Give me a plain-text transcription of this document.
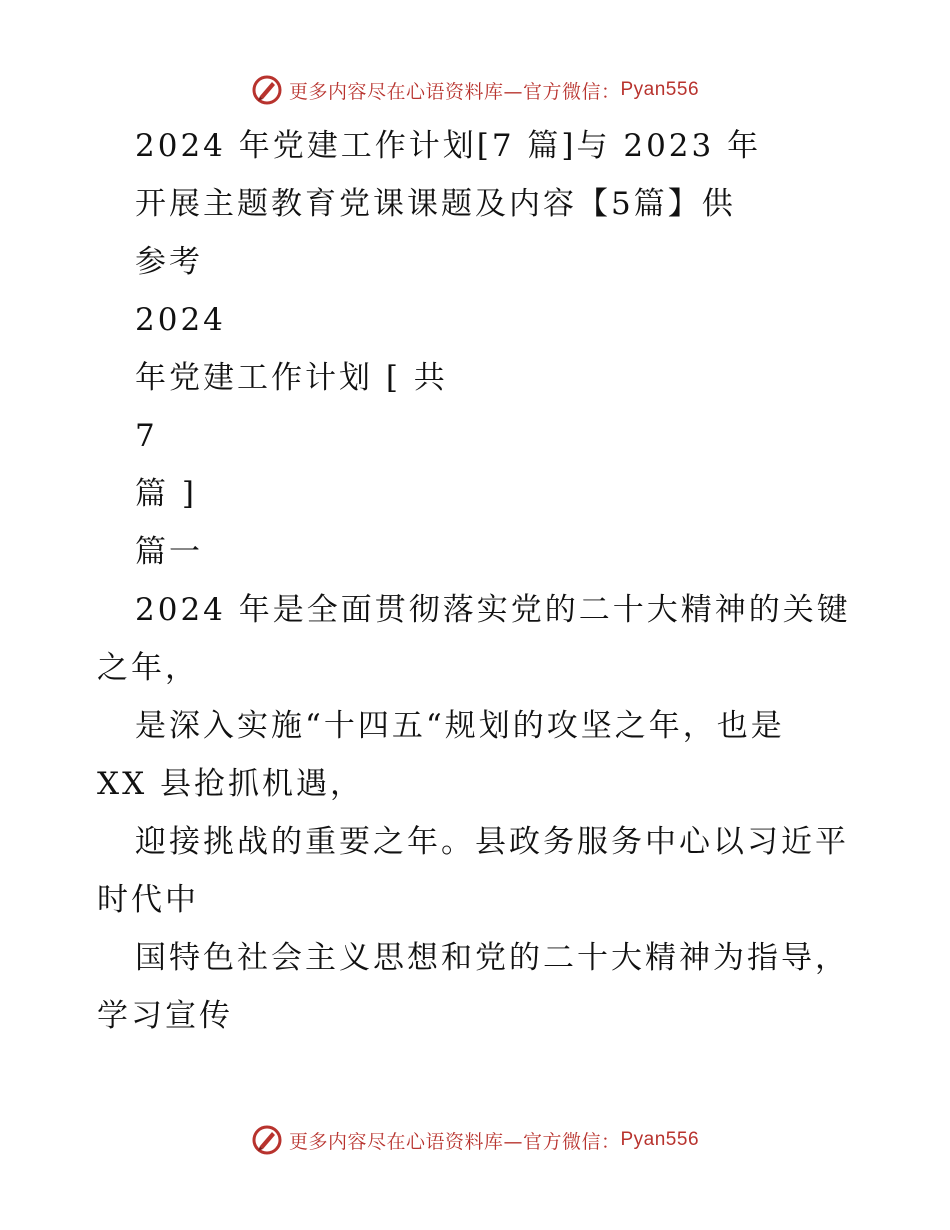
更多内容尽在心语资料库—官方微信： Pyan556
2024 年党建工作计划[7 篇]与 2023 年
开展主题教育党课课题及内容【5篇】供
参考
2024
年党建工作计划 [ 共
7
篇 ]
篇一
2024 年是全面贯彻落实党的二十大精神的关键
之年，
是深入实施“十四五“规划的攻坚之年，也是
XX 县抢抓机遇，
迎接挑战的重要之年。县政务服务中心以习近平
时代中
国特色社会主义思想和党的二十大精神为指导，
学习宣传
更多内容尽在心语资料库—官方微信： Pyan556
